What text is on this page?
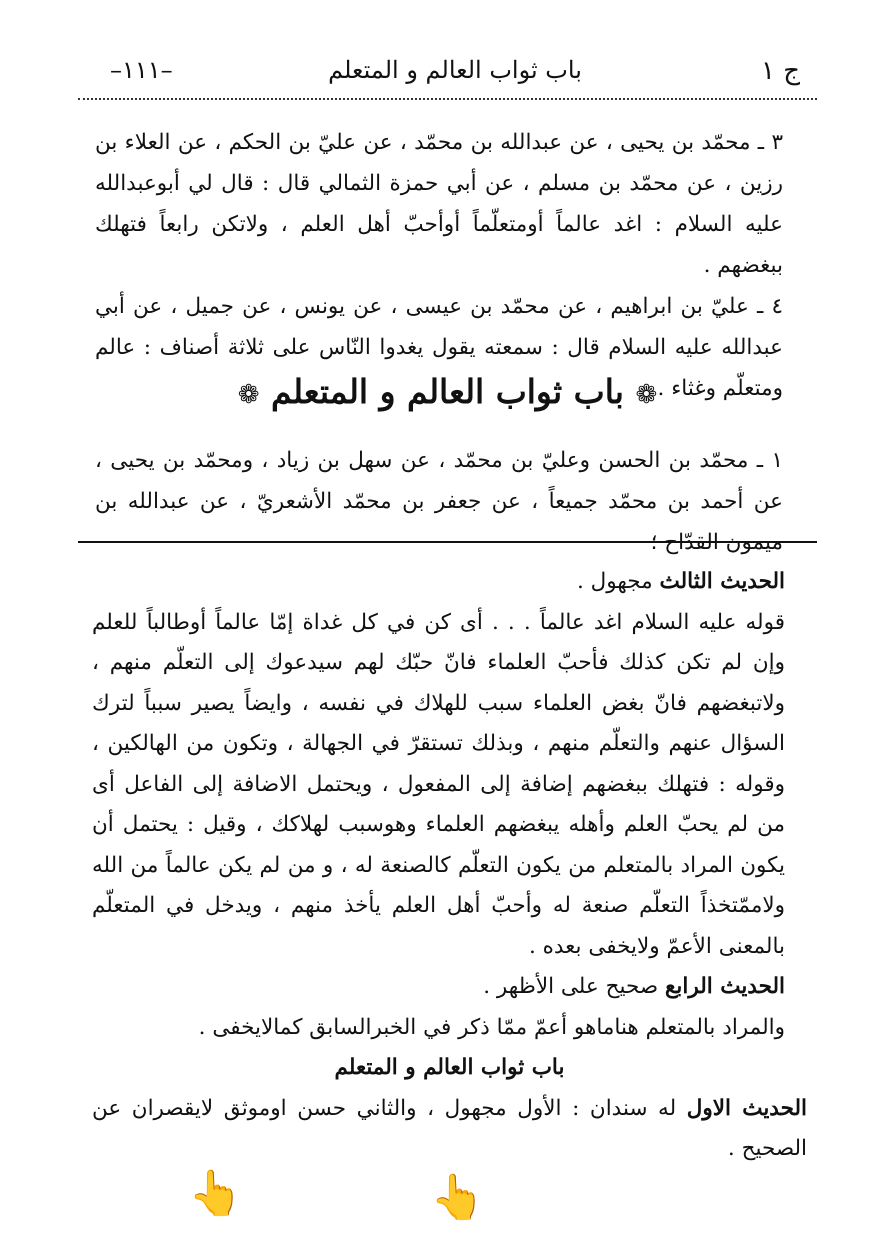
ج ١
باب ثواب العالم و المتعلم
–١١١–

٣ ـ محمّد بن يحيى ، عن عبدالله بن محمّد ، عن عليّ بن الحكم ، عن العلاء بن رزين ، عن محمّد بن مسلم ، عن أبي حمزة الثمالي قال : قال لي أبوعبدالله عليه السلام : اغد عالماً أومتعلّماً أوأحبّ أهل العلم ، ولاتكن رابعاً فتهلك ببغضهم .

٤ ـ عليّ بن ابراهيم ، عن محمّد بن عيسى ، عن يونس ، عن جميل ، عن أبي عبدالله عليه السلام قال : سمعته يقول يغدوا النّاس على ثلاثة أصناف : عالم ومتعلّم وغثاء .

❁ باب ثواب العالم و المتعلم ❁

١ ـ محمّد بن الحسن وعليّ بن محمّد ، عن سهل بن زياد ، ومحمّد بن يحيى ، عن أحمد بن محمّد جميعاً ، عن جعفر بن محمّد الأشعريّ ، عن عبدالله بن ميمون القدّاح ؛

الحديث الثالث مجهول .

قوله عليه السلام اغد عالماً . . . أى كن في كل غداة إمّا عالماً أوطالباً للعلم وإن لم تكن كذلك فأحبّ العلماء فانّ حبّك لهم سيدعوك إلى التعلّم منهم ، ولاتبغضهم فانّ بغض العلماء سبب للهلاك في نفسه ، وايضاً يصير سبباً لترك السؤال عنهم والتعلّم منهم ، وبذلك تستقرّ في الجهالة ، وتكون من الهالكين ، وقوله : فتهلك ببغضهم إضافة إلى المفعول ، ويحتمل الاضافة إلى الفاعل أى من لم يحبّ العلم وأهله يبغضهم العلماء وهوسبب لهلاكك ، وقيل : يحتمل أن يكون المراد بالمتعلم من يكون التعلّم كالصنعة له ، و من لم يكن عالماً من الله ولاممّتخذاً التعلّم صنعة له وأحبّ أهل العلم يأخذ منهم ، ويدخل في المتعلّم بالمعنى الأعمّ ولايخفى بعده .

الحديث الرابع صحيح على الأظهر .

والمراد بالمتعلم هناماهو أعمّ ممّا ذكر في الخبرالسابق كمالايخفى .

باب ثواب العالم و المتعلم

الحديث الاول له سندان : الأول مجهول ، والثاني حسن اوموثق لايقصران عن الصحيح .

👆	👆
